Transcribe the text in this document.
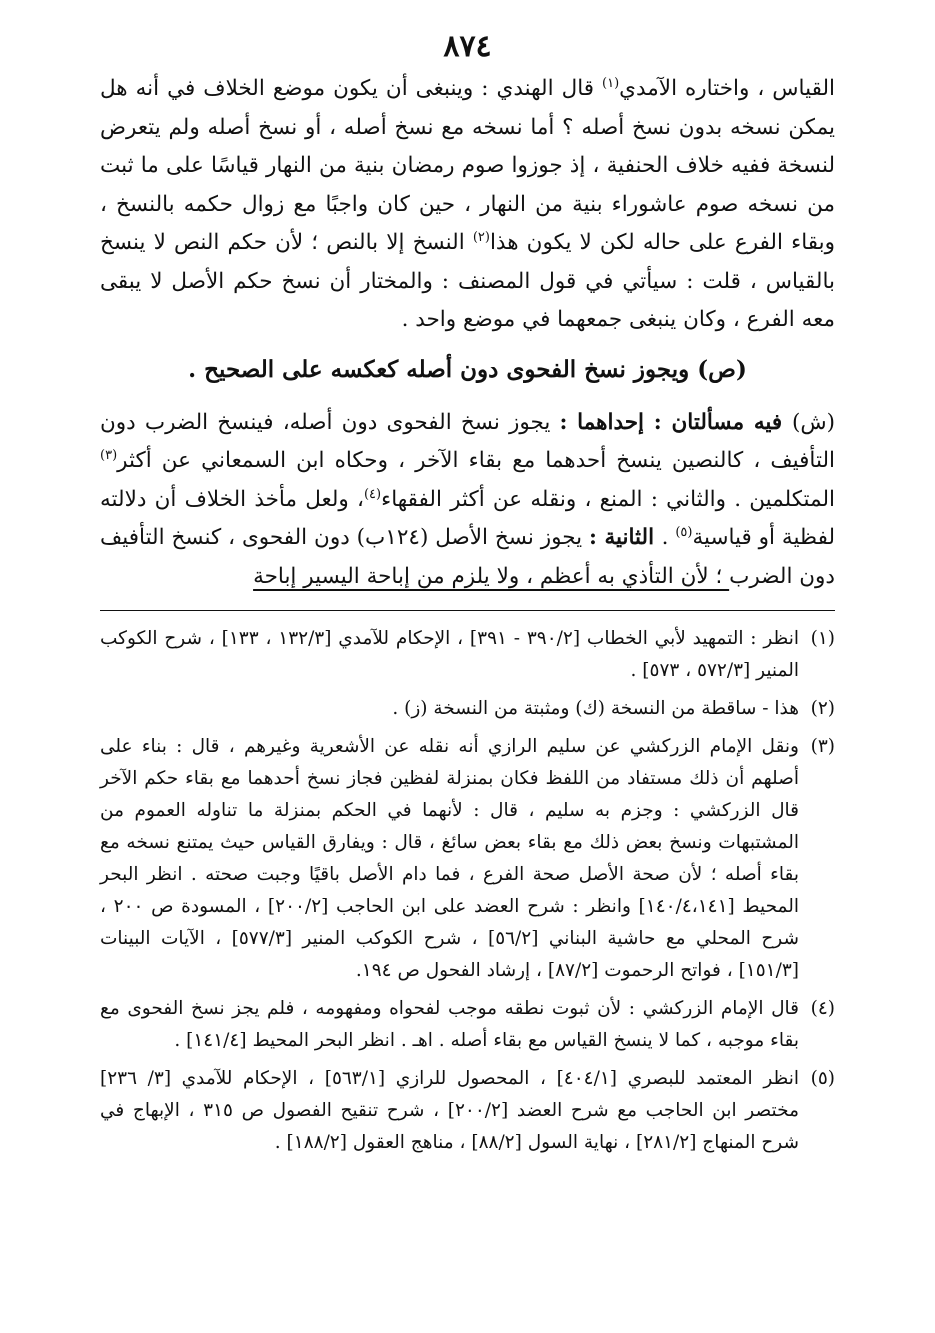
٨٧٤

القياس ، واختاره الآمدي$^{(١)}$ قال الهندي : وينبغى أن يكون موضع الخلاف في أنه هل يمكن نسخه بدون نسخ أصله ؟ أما نسخه مع نسخ أصله ، أو نسخ أصله ولم يتعرض لنسخة ففيه خلاف الحنفية ، إذ جوزوا صوم رمضان بنية من النهار قياسًا على ما ثبت من نسخه صوم عاشوراء بنية من النهار ، حين كان واجبًا مع زوال حكمه بالنسخ ، وبقاء الفرع على حاله لكن لا يكون هذا$^{(٢)}$ النسخ إلا بالنص ؛ لأن حكم النص لا ينسخ بالقياس ، قلت : سيأتي في قول المصنف : والمختار أن نسخ حكم الأصل لا يبقى معه الفرع ، وكان ينبغى جمعهما في موضع واحد .

(ص) ويجوز نسخ الفحوى دون أصله كعكسه على الصحيح .

(ش) فيه مسألتان : إحداهما : يجوز نسخ الفحوى دون أصله، فينسخ الضرب دون التأفيف ، كالنصين ينسخ أحدهما مع بقاء الآخر ، وحكاه ابن السمعاني عن أكثر$^{(٣)}$ المتكلمين . والثاني : المنع ، ونقله عن أكثر الفقهاء$^{(٤)}$، ولعل مأخذ الخلاف أن دلالته لفظية أو قياسية$^{(٥)}$ . الثانية : يجوز نسخ الأصل (١٢٤ب) دون الفحوى ، كنسخ التأفيف دون الضرب ؛ لأن التأذي به أعظم ، ولا يلزم من إباحة اليسير إباحة

(١)
انظر : التمهيد لأبي الخطاب [٣٩٠/٢ - ٣٩١] ، الإحكام للآمدي [١٣٢/٣ ، ١٣٣] ، شرح الكوكب المنير [٥٧٢/٣ ، ٥٧٣] .
(٢)
هذا - ساقطة من النسخة (ك) ومثبتة من النسخة (ز) .
(٣)
ونقل الإمام الزركشي عن سليم الرازي أنه نقله عن الأشعرية وغيرهم ، قال : بناء على أصلهم أن ذلك مستفاد من اللفظ فكان بمنزلة لفظين فجاز نسخ أحدهما مع بقاء حكم الآخر قال الزركشي : وجزم به سليم ، قال : لأنهما في الحكم بمنزلة ما تناوله العموم من المشتبهات ونسخ بعض ذلك مع بقاء بعض سائغ ، قال : ويفارق القياس حيث يمتنع نسخه مع بقاء أصله ؛ لأن صحة الأصل صحة الفرع ، فما دام الأصل باقيًا وجبت صحته . انظر البحر المحيط [١٤٠/٤،١٤١] وانظر : شرح العضد على ابن الحاجب [٢٠٠/٢] ، المسودة ص ٢٠٠ ، شرح المحلي مع حاشية البناني [٥٦/٢] ، شرح الكوكب المنير [٥٧٧/٣] ، الآيات البينات [١٥١/٣] ، فواتح الرحموت [٨٧/٢] ، إرشاد الفحول ص ١٩٤.
(٤)
قال الإمام الزركشي : لأن ثبوت نطقه موجب لفحواه ومفهومه ، فلم يجز نسخ الفحوى مع بقاء موجبه ، كما لا ينسخ القياس مع بقاء أصله . اهـ . انظر البحر المحيط [١٤١/٤] .
(٥)
انظر المعتمد للبصري [٤٠٤/١] ، المحصول للرازي [٥٦٣/١] ، الإحكام للآمدي [٣/ ٢٣٦] مختصر ابن الحاجب مع شرح العضد [٢٠٠/٢] ، شرح تنقيح الفصول ص ٣١٥ ، الإبهاج في شرح المنهاج [٢٨١/٢] ، نهاية السول [٨٨/٢] ، مناهج العقول [١٨٨/٢] .
